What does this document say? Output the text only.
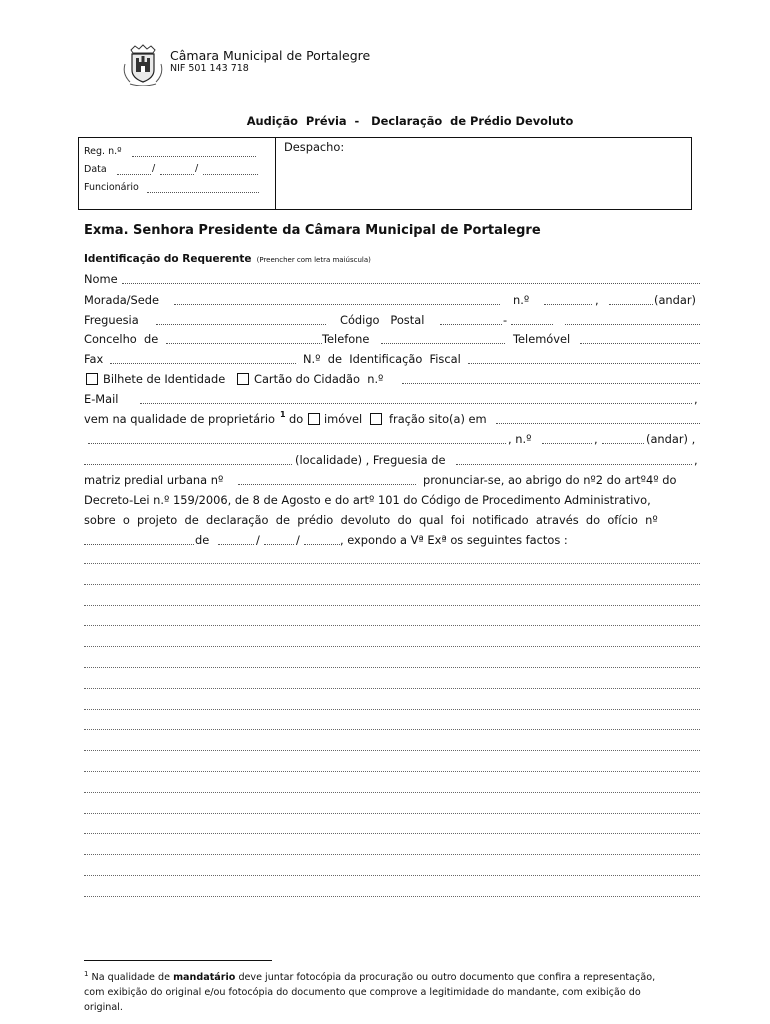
Câmara Municipal de Portalegre
NIF 501 143 718
Audição  Prévia  -   Declaração  de Prédio Devoluto
Reg. n.º
Data	/	/
Funcionário
Despacho:
Exma. Senhora Presidente da Câmara Municipal de Portalegre
Identificação do Requerente (Preencher com letra maiúscula)
Nome
Morada/Sede	n.º	,	(andar)
Freguesia	Código   Postal	-
Concelho  de	Telefone	Telemóvel
Fax	N.º  de  Identificação  Fiscal
Bilhete de Identidade	Cartão do Cidadão  n.º
E-Mail	,
vem na qualidade de proprietário 1 do imóvel fração sito(a) em
, n.º	,	(andar) ,
(localidade) , Freguesia de	,
matriz predial urbana nº	pronunciar-se, ao abrigo do nº2 do artº4º do
Decreto-Lei n.º 159/2006, de 8 de Agosto e do artº 101 do Código de Procedimento Administrativo,
sobre  o  projeto  de  declaração  de  prédio  devoluto  do  qual  foi  notificado  através  do  ofício  nº
de	/	/	, expondo a Vª Exª os seguintes factos :
$^1$ Na qualidade de mandatário deve juntar fotocópia da procuração ou outro documento que confira a representação,
com exibição do original e/ou fotocópia do documento que comprove a legitimidade do mandante, com exibição do
original.
